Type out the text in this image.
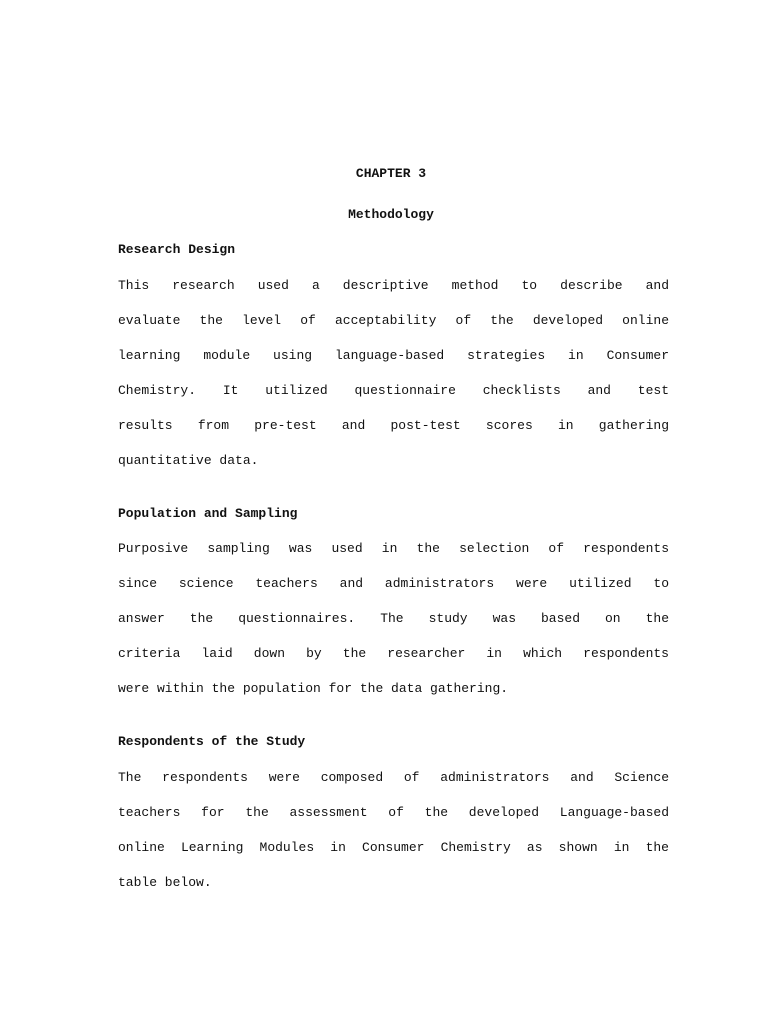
CHAPTER 3

Methodology

Research Design

This research used a descriptive method to describe and
evaluate the level of acceptability of the developed online
learning module using language-based strategies in Consumer
Chemistry. It utilized questionnaire checklists and test
results from pre-test and post-test scores in gathering
quantitative data.

Population and Sampling

Purposive sampling was used in the selection of respondents
since science teachers and administrators were utilized to
answer the questionnaires. The study was based on the
criteria laid down by the researcher in which respondents
were within the population for the data gathering.

Respondents of the Study

The respondents were composed of administrators and Science
teachers for the assessment of the developed Language-based
online Learning Modules in Consumer Chemistry as shown in the
table below.
